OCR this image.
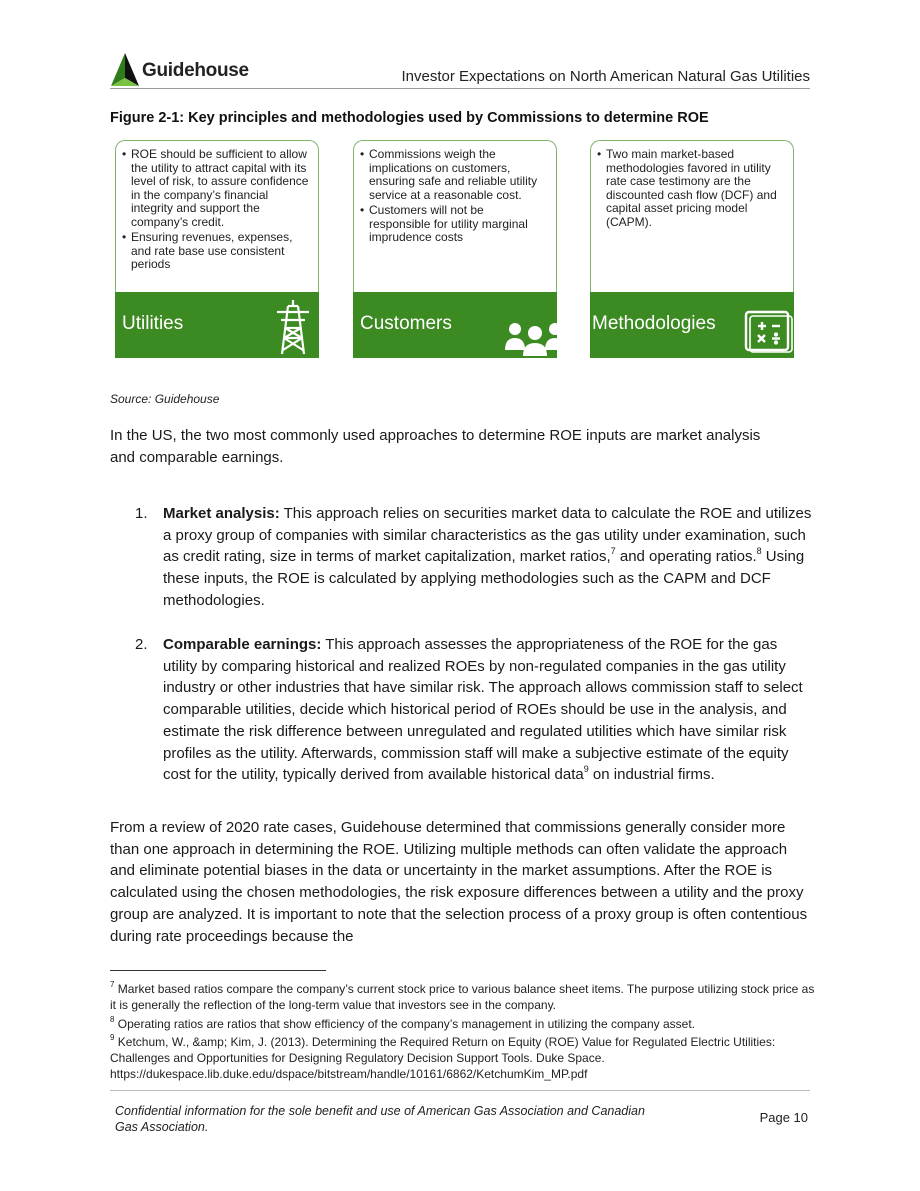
Guidehouse	Investor Expectations on North American Natural Gas Utilities
Figure 2-1: Key principles and methodologies used by Commissions to determine ROE
• ROE should be sufficient to allow the utility to attract capital with its level of risk, to assure confidence in the company’s financial integrity and support the company’s credit.
• Ensuring revenues, expenses, and rate base use consistent periods
Utilities
• Commissions weigh the implications on customers, ensuring safe and reliable utility service at a reasonable cost.
• Customers will not be responsible for utility marginal imprudence costs
Customers
• Two main market-based methodologies favored in utility rate case testimony are the discounted cash flow (DCF) and capital asset pricing model (CAPM).
Methodologies
Source: Guidehouse

In the US, the two most commonly used approaches to determine ROE inputs are market analysis and comparable earnings.

1.	Market analysis: This approach relies on securities market data to calculate the ROE and utilizes a proxy group of companies with similar characteristics as the gas utility under examination, such as credit rating, size in terms of market capitalization, market ratios,$^7$ and operating ratios.$^8$ Using these inputs, the ROE is calculated by applying methodologies such as the CAPM and DCF methodologies.
2.	Comparable earnings: This approach assesses the appropriateness of the ROE for the gas utility by comparing historical and realized ROEs by non-regulated companies in the gas utility industry or other industries that have similar risk. The approach allows commission staff to select comparable utilities, decide which historical period of ROEs should be use in the analysis, and estimate the risk difference between unregulated and regulated utilities which have similar risk profiles as the utility. Afterwards, commission staff will make a subjective estimate of the equity cost for the utility, typically derived from available historical data$^9$ on industrial firms.

From a review of 2020 rate cases, Guidehouse determined that commissions generally consider more than one approach in determining the ROE. Utilizing multiple methods can often validate the approach and eliminate potential biases in the data or uncertainty in the market assumptions. After the ROE is calculated using the chosen methodologies, the risk exposure differences between a utility and the proxy group are analyzed. It is important to note that the selection process of a proxy group is often contentious during rate proceedings because the

$^7$ Market based ratios compare the company’s current stock price to various balance sheet items. The purpose utilizing stock price as it is generally the reflection of the long-term value that investors see in the company.
$^8$ Operating ratios are ratios that show efficiency of the company’s management in utilizing the company asset.
$^9$ Ketchum, W., &amp; Kim, J. (2013). Determining the Required Return on Equity (ROE) Value for Regulated Electric Utilities: Challenges and Opportunities for Designing Regulatory Decision Support Tools. Duke Space. https://dukespace.lib.duke.edu/dspace/bitstream/handle/10161/6862/KetchumKim_MP.pdf
Confidential information for the sole benefit and use of American Gas Association and Canadian Gas Association.
Page 10
